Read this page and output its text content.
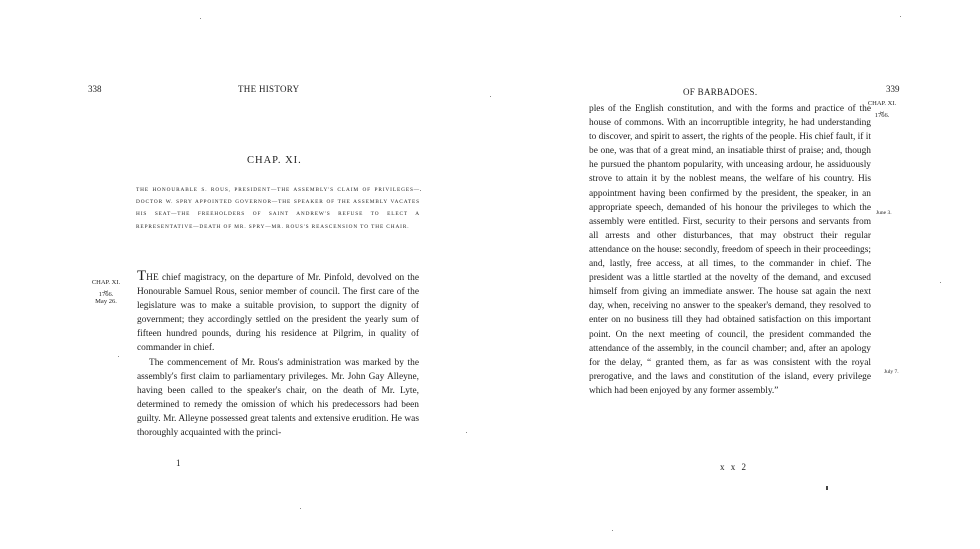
338	THE HISTORY
CHAP. XI.
THE HONOURABLE S. ROUS, PRESIDENT—THE ASSEMBLY'S CLAIM OF PRIVILEGES—DOCTOR W. SPRY APPOINTED GOVERNOR—THE SPEAKER OF THE ASSEMBLY VACATES HIS SEAT—THE FREEHOLDERS OF SAINT ANDREW'S REFUSE TO ELECT A REPRESENTATIVE—DEATH OF MR. SPRY—MR. ROUS'S REASCENSION TO THE CHAIR.
CHAP. XI.
⏟
1766.
May 26.

THE chief magistracy, on the departure of Mr. Pinfold, devolved on the Honourable Samuel Rous, senior member of council. The first care of the legislature was to make a suitable provision, to support the dignity of government; they accordingly settled on the president the yearly sum of fifteen hundred pounds, during his residence at Pilgrim, in quality of commander in chief.

The commencement of Mr. Rous's administration was marked by the assembly's first claim to parliamentary privileges. Mr. John Gay Alleyne, having been called to the speaker's chair, on the death of Mr. Lyte, determined to remedy the omission of which his predecessors had been guilty. Mr. Alleyne possessed great talents and extensive erudition. He was thoroughly acquainted with the princi-

1
OF BARBADOES.	339
CHAP. XI.
⏟
1766.
ples of the English constitution, and with the forms and practice of the house of commons. With an incorruptible integrity, he had understanding to discover, and spirit to assert, the rights of the people. His chief fault, if it be one, was that of a great mind, an insatiable thirst of praise; and, though he pursued the phantom popularity, with unceasing ardour, he assiduously strove to attain it by the noblest means, the welfare of his country. His appointment having been confirmed by the president, the speaker, in an appropriate speech, demanded of his honour the privileges to which the assembly were entitled. First, security to their persons and servants from all arrests and other disturbances, that may obstruct their regular attendance on the house: secondly, freedom of speech in their proceedings; and, lastly, free access, at all times, to the commander in chief. The president was a little startled at the novelty of the demand, and excused himself from giving an immediate answer. The house sat again the next day, when, receiving no answer to the speaker's demand, they resolved to enter on no business till they had obtained satisfaction on this important point. On the next meeting of council, the president commanded the attendance of the assembly, in the council chamber; and, after an apology for the delay, “ granted them, as far as was consistent with the royal prerogative, and the laws and constitution of the island, every privilege which had been enjoyed by any former assembly.”
June 3.
July 7.
x x 2
